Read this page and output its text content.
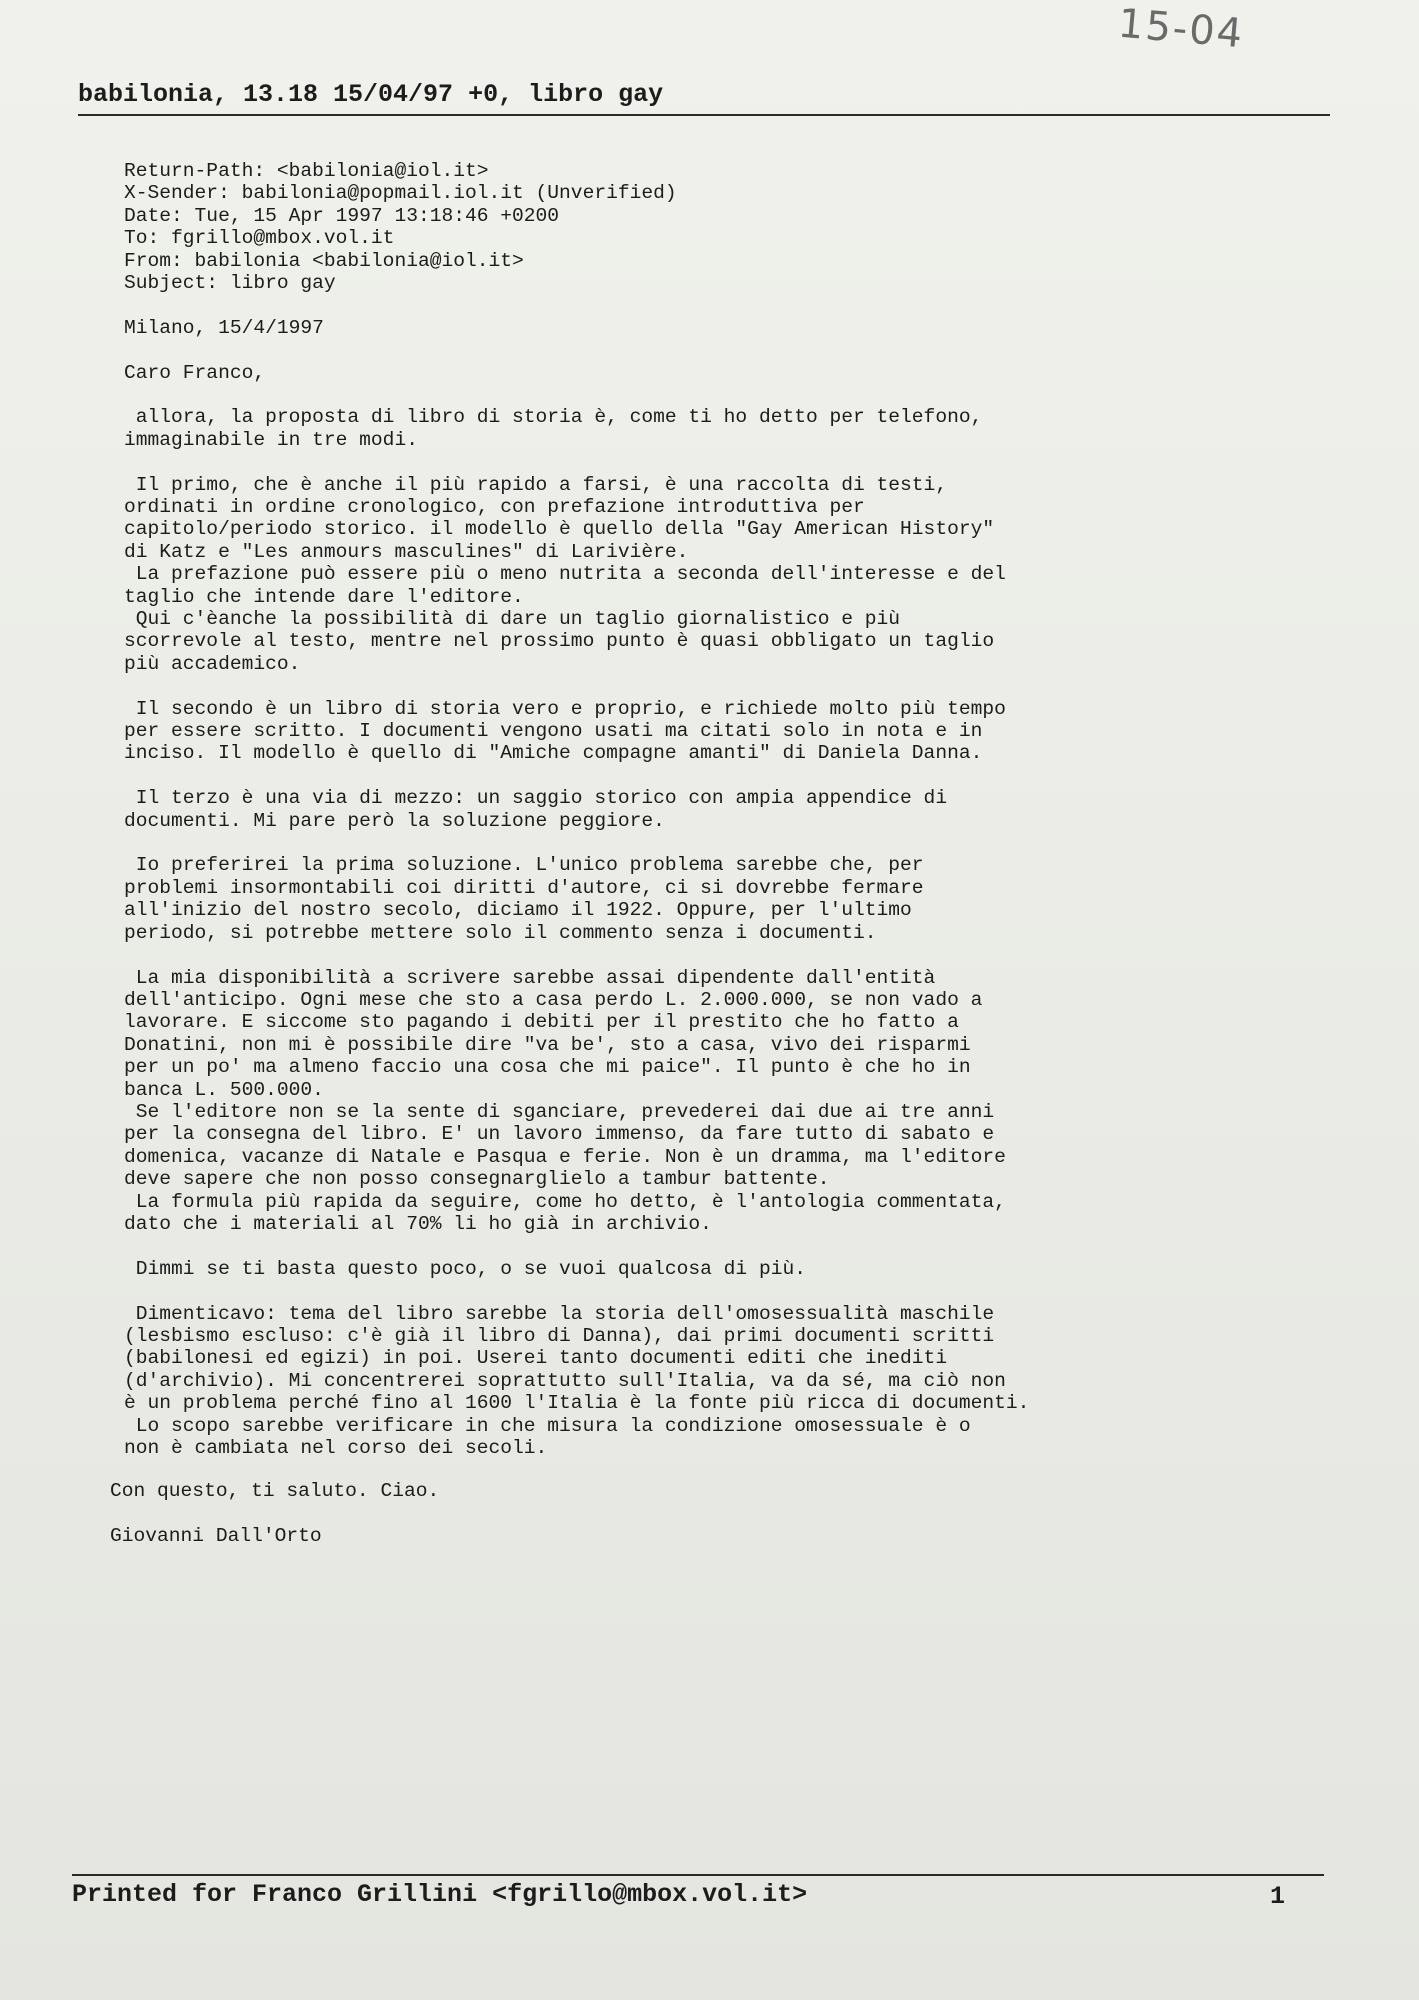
15-04
babilonia, 13.18 15/04/97 +0, libro gay
Return-Path: <babilonia@iol.it>
X-Sender: babilonia@popmail.iol.it (Unverified)
Date: Tue, 15 Apr 1997 13:18:46 +0200
To: fgrillo@mbox.vol.it
From: babilonia <babilonia@iol.it>
Subject: libro gay
Milano, 15/4/1997
Caro Franco,
allora, la proposta di libro di storia è, come ti ho detto per telefono,
immaginabile in tre modi.
Il primo, che è anche il più rapido a farsi, è una raccolta di testi,
ordinati in ordine cronologico, con prefazione introduttiva per
capitolo/periodo storico. il modello è quello della "Gay American History"
di Katz e "Les anmours masculines" di Larivière.
La prefazione può essere più o meno nutrita a seconda dell'interesse e del
taglio che intende dare l'editore.
Qui c'èanche la possibilità di dare un taglio giornalistico e più
scorrevole al testo, mentre nel prossimo punto è quasi obbligato un taglio
più accademico.
Il secondo è un libro di storia vero e proprio, e richiede molto più tempo
per essere scritto. I documenti vengono usati ma citati solo in nota e in
inciso. Il modello è quello di "Amiche compagne amanti" di Daniela Danna.
Il terzo è una via di mezzo: un saggio storico con ampia appendice di
documenti. Mi pare però la soluzione peggiore.
Io preferirei la prima soluzione. L'unico problema sarebbe che, per
problemi insormontabili coi diritti d'autore, ci si dovrebbe fermare
all'inizio del nostro secolo, diciamo il 1922. Oppure, per l'ultimo
periodo, si potrebbe mettere solo il commento senza i documenti.
La mia disponibilità a scrivere sarebbe assai dipendente dall'entità
dell'anticipo. Ogni mese che sto a casa perdo L. 2.000.000, se non vado a
lavorare. E siccome sto pagando i debiti per il prestito che ho fatto a
Donatini, non mi è possibile dire "va be', sto a casa, vivo dei risparmi
per un po' ma almeno faccio una cosa che mi paice". Il punto è che ho in
banca L. 500.000.
Se l'editore non se la sente di sganciare, prevederei dai due ai tre anni
per la consegna del libro. E' un lavoro immenso, da fare tutto di sabato e
domenica, vacanze di Natale e Pasqua e ferie. Non è un dramma, ma l'editore
deve sapere che non posso consegnarglielo a tambur battente.
La formula più rapida da seguire, come ho detto, è l'antologia commentata,
dato che i materiali al 70% li ho già in archivio.
Dimmi se ti basta questo poco, o se vuoi qualcosa di più.
Dimenticavo: tema del libro sarebbe la storia dell'omosessualità maschile
(lesbismo escluso: c'è già il libro di Danna), dai primi documenti scritti
(babilonesi ed egizi) in poi. Userei tanto documenti editi che inediti
(d'archivio). Mi concentrerei soprattutto sull'Italia, va da sé, ma ciò non
è un problema perché fino al 1600 l'Italia è la fonte più ricca di documenti.
Lo scopo sarebbe verificare in che misura la condizione omosessuale è o
non è cambiata nel corso dei secoli.
Con questo, ti saluto. Ciao.
Giovanni Dall'Orto
Printed for Franco Grillini <fgrillo@mbox.vol.it>	1
